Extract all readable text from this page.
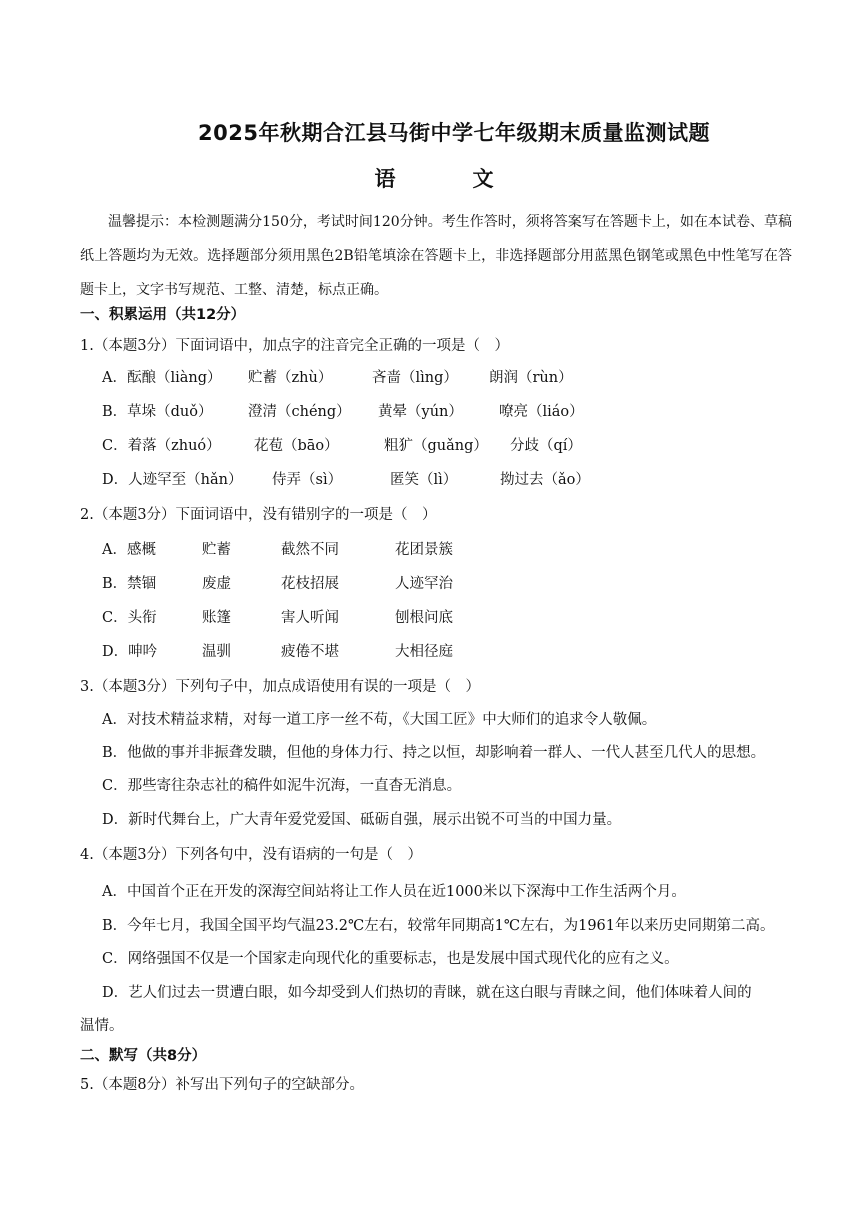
2025年秋期合江县马街中学七年级期末质量监测试题
语　文
温馨提示：本检测题满分150分，考试时间120分钟。考生作答时，须将答案写在答题卡上，如在本试卷、草稿纸上答题均为无效。选择题部分须用黑色2B铅笔填涂在答题卡上，非选择题部分用蓝黑色钢笔或黑色中性笔写在答题卡上，文字书写规范、工整、清楚，标点正确。
一、积累运用（共12分）
1.（本题3分）下面词语中，加点字的注音完全正确的一项是（　）
A．酝酿（liàng） 贮蓄（zhù）	吝啬（lìng） 朗润（rùn）
B．草垛（duǒ） 澄清（chéng） 黄晕（yún） 嘹亮（liáo）
C．着落（zhuó） 花苞（bāo）	粗犷（guǎng） 分歧（qí）
D．人迹罕至（hǎn） 侍弄（sì）	匿笑（lì）	拗过去（ǎo）
2.（本题3分）下面词语中，没有错别字的一项是（　）
A．感概	贮蓄	截然不同	花团景簇
B．禁锢	废虚	花枝招展	人迹罕治
C．头衔	账篷	害人听闻	刨根问底
D．呻吟	温驯	疲倦不堪	大相径庭
3.（本题3分）下列句子中，加点成语使用有误的一项是（　）
A．对技术精益求精，对每一道工序一丝不苟，《大国工匠》中大师们的追求令人敬佩。
B．他做的事并非振聋发聩，但他的身体力行、持之以恒，却影响着一群人、一代人甚至几代人的思想。
C．那些寄往杂志社的稿件如泥牛沉海，一直杳无消息。
D．新时代舞台上，广大青年爱党爱国、砥砺自强，展示出锐不可当的中国力量。
4.（本题3分）下列各句中，没有语病的一句是（　）
A．中国首个正在开发的深海空间站将让工作人员在近1000米以下深海中工作生活两个月。
B．今年七月，我国全国平均气温23.2℃左右，较常年同期高1℃左右，为1961年以来历史同期第二高。
C．网络强国不仅是一个国家走向现代化的重要标志，也是发展中国式现代化的应有之义。
D．艺人们过去一贯遭白眼，如今却受到人们热切的青睐，就在这白眼与青睐之间，他们体味着人间的
温情。
二、默写（共8分）
5.（本题8分）补写出下列句子的空缺部分。
